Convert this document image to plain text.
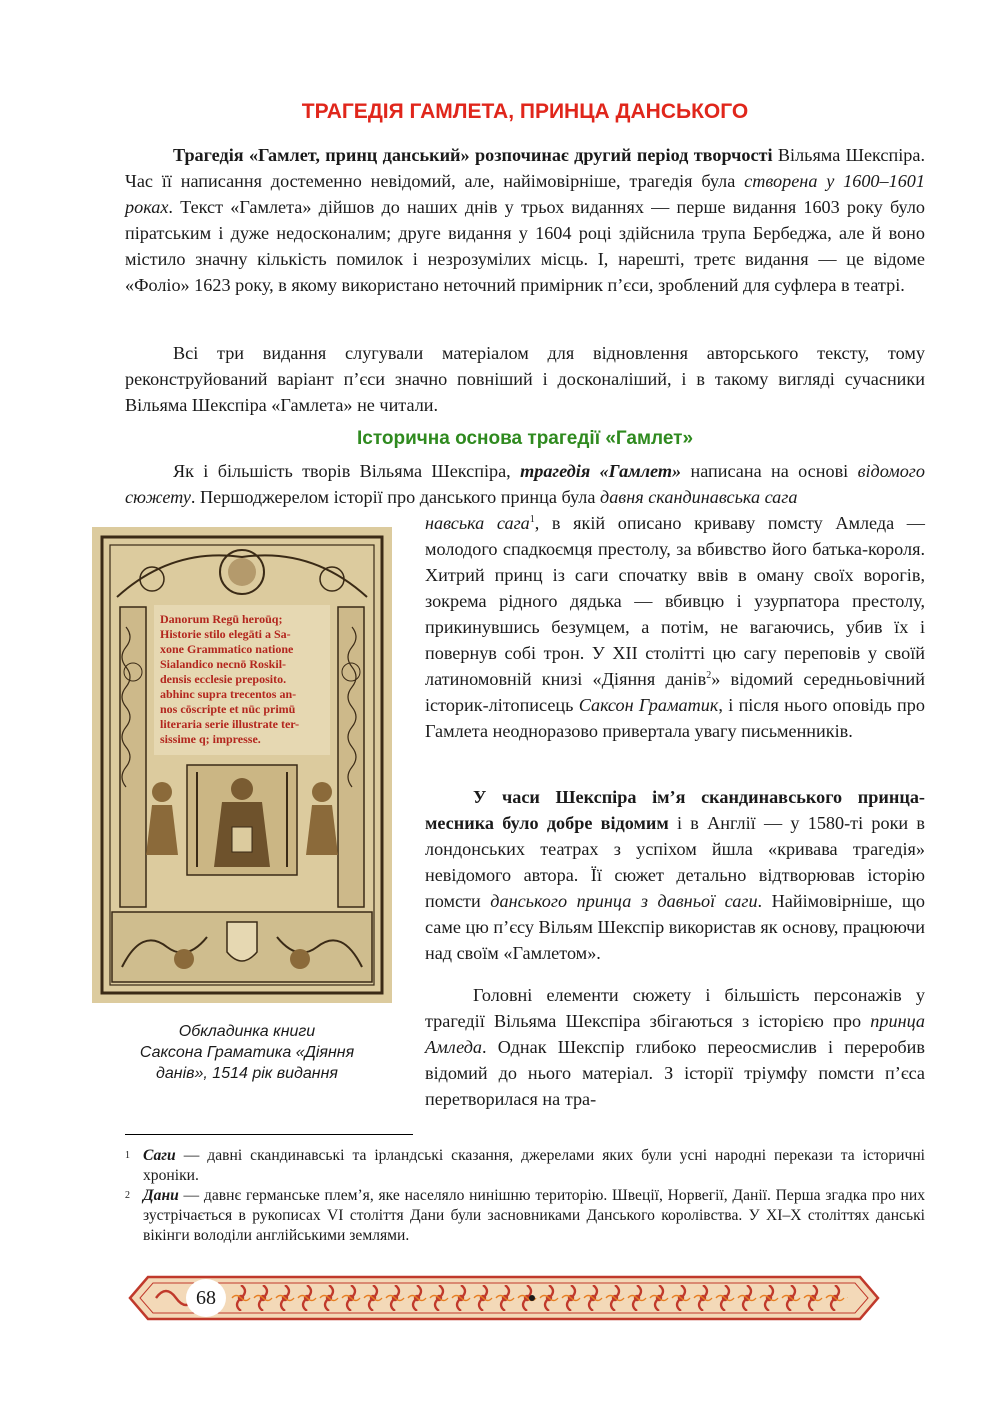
ТРАГЕДІЯ ГАМЛЕТА, ПРИНЦА ДАНСЬКОГО

Трагедія «Гамлет, принц данський» розпочинає другий період творчості Вільяма Шекспіра. Час її написання достеменно невідомий, але, найімовірніше, трагедія була створена у 1600–1601 роках. Текст «Гамлета» дійшов до наших днів у трьох виданнях — перше видання 1603 року було піратським і дуже недосконалим; друге видання у 1604 році здійснила трупа Бербеджа, але й воно містило значну кількість помилок і незрозумілих місць. І, нарешті, третє видання — це відоме «Фоліо» 1623 року, в якому використано неточний примірник п’єси, зроблений для суфлера в театрі.

Всі три видання слугували матеріалом для відновлення авторського тексту, тому реконструйований варіант п’єси значно повніший і досконаліший, і в такому вигляді сучасники Вільяма Шекспіра «Гамлета» не читали.

Історична основа трагедії «Гамлет»

Як і більшість творів Вільяма Шекспіра, трагедія «Гамлет» написана на основі відомого сюжету. Першоджерелом історії про данського принца була давня скандинавська сага

Danorum Regū heroūq; Historie stilo elegāti a Sa- xone Grammatico natione Sialandico necnō Roskil- densis ecclesie preposito. abhinc supra trecentos an- nos cōscripte et nūc primū literaria serie illustrate ter- sissime q; impresse.

Обкладинка книги
Саксона Граматика «Діяння
данів», 1514 рік видання

навська сага$^1$, в якій описано криваву помсту Амледа — молодого спадкоємця престолу, за вбивство його батька-короля. Хитрий принц із саги спочатку ввів в оману своїх ворогів, зокрема рідного дядька — вбивцю і узурпатора престолу, прикинувшись безумцем, а потім, не вагаючись, убив їх і повернув собі трон. У XII столітті цю сагу переповів у своїй латиномовній книзі «Діяння данів$^2$» відомий середньовічний історик-літописець Саксон Граматик, і після нього оповідь про Гамлета неодноразово привертала увагу письменників.

У часи Шекспіра ім’я скандинавського принца-месника було добре відомим і в Англії — у 1580-ті роки в лондонських театрах з успіхом йшла «кривава трагедія» невідомого автора. Її сюжет детально відтворював історію помсти данського принца з давньої саги. Найімовірніше, що саме цю п’єсу Вільям Шекспір використав як основу, працюючи над своїм «Гамлетом».

Головні елементи сюжету і більшість персонажів у трагедії Вільяма Шекспіра збігаються з історією про принца Амледа. Однак Шекспір глибоко переосмислив і переробив відомий до нього матеріал. З історії тріумфу помсти п’єса перетворилася на тра-

1 Саги — давні скандинавські та ірландські сказання, джерелами яких були усні народні перекази та історичні хроніки.

2 Дани — давнє германське плем’я, яке населяло нинішню територію. Швеції, Норвегії, Данії. Перша згадка про них зустрічається в рукописах VI століття Дани були засновниками Данського королівства. У XI–X століттях данські вікінги володіли англійськими землями.

68
